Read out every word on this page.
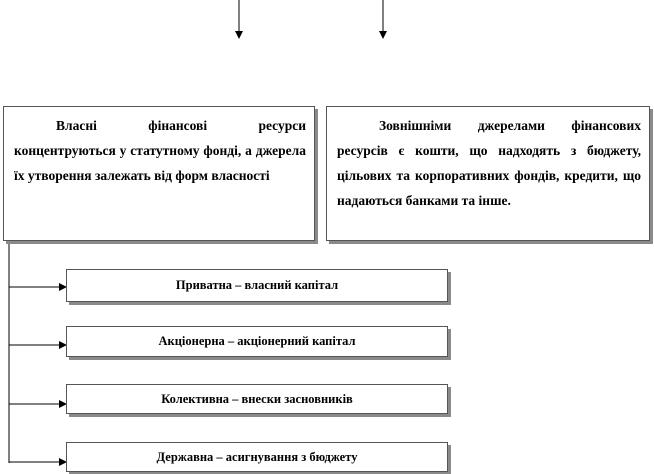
Власні фінансові ресурси концентруються у статутному фонді, а джерела їх утворення залежать від форм власності
Зовнішніми джерелами фінансових ресурсів є кошти, що надходять з бюджету, цільових та корпоративних фондів, кредити, що надаються банками та інше.
Приватна – власний капітал
Акціонерна – акціонерний капітал
Колективна – внески засновників
Державна – асигнування з бюджету
